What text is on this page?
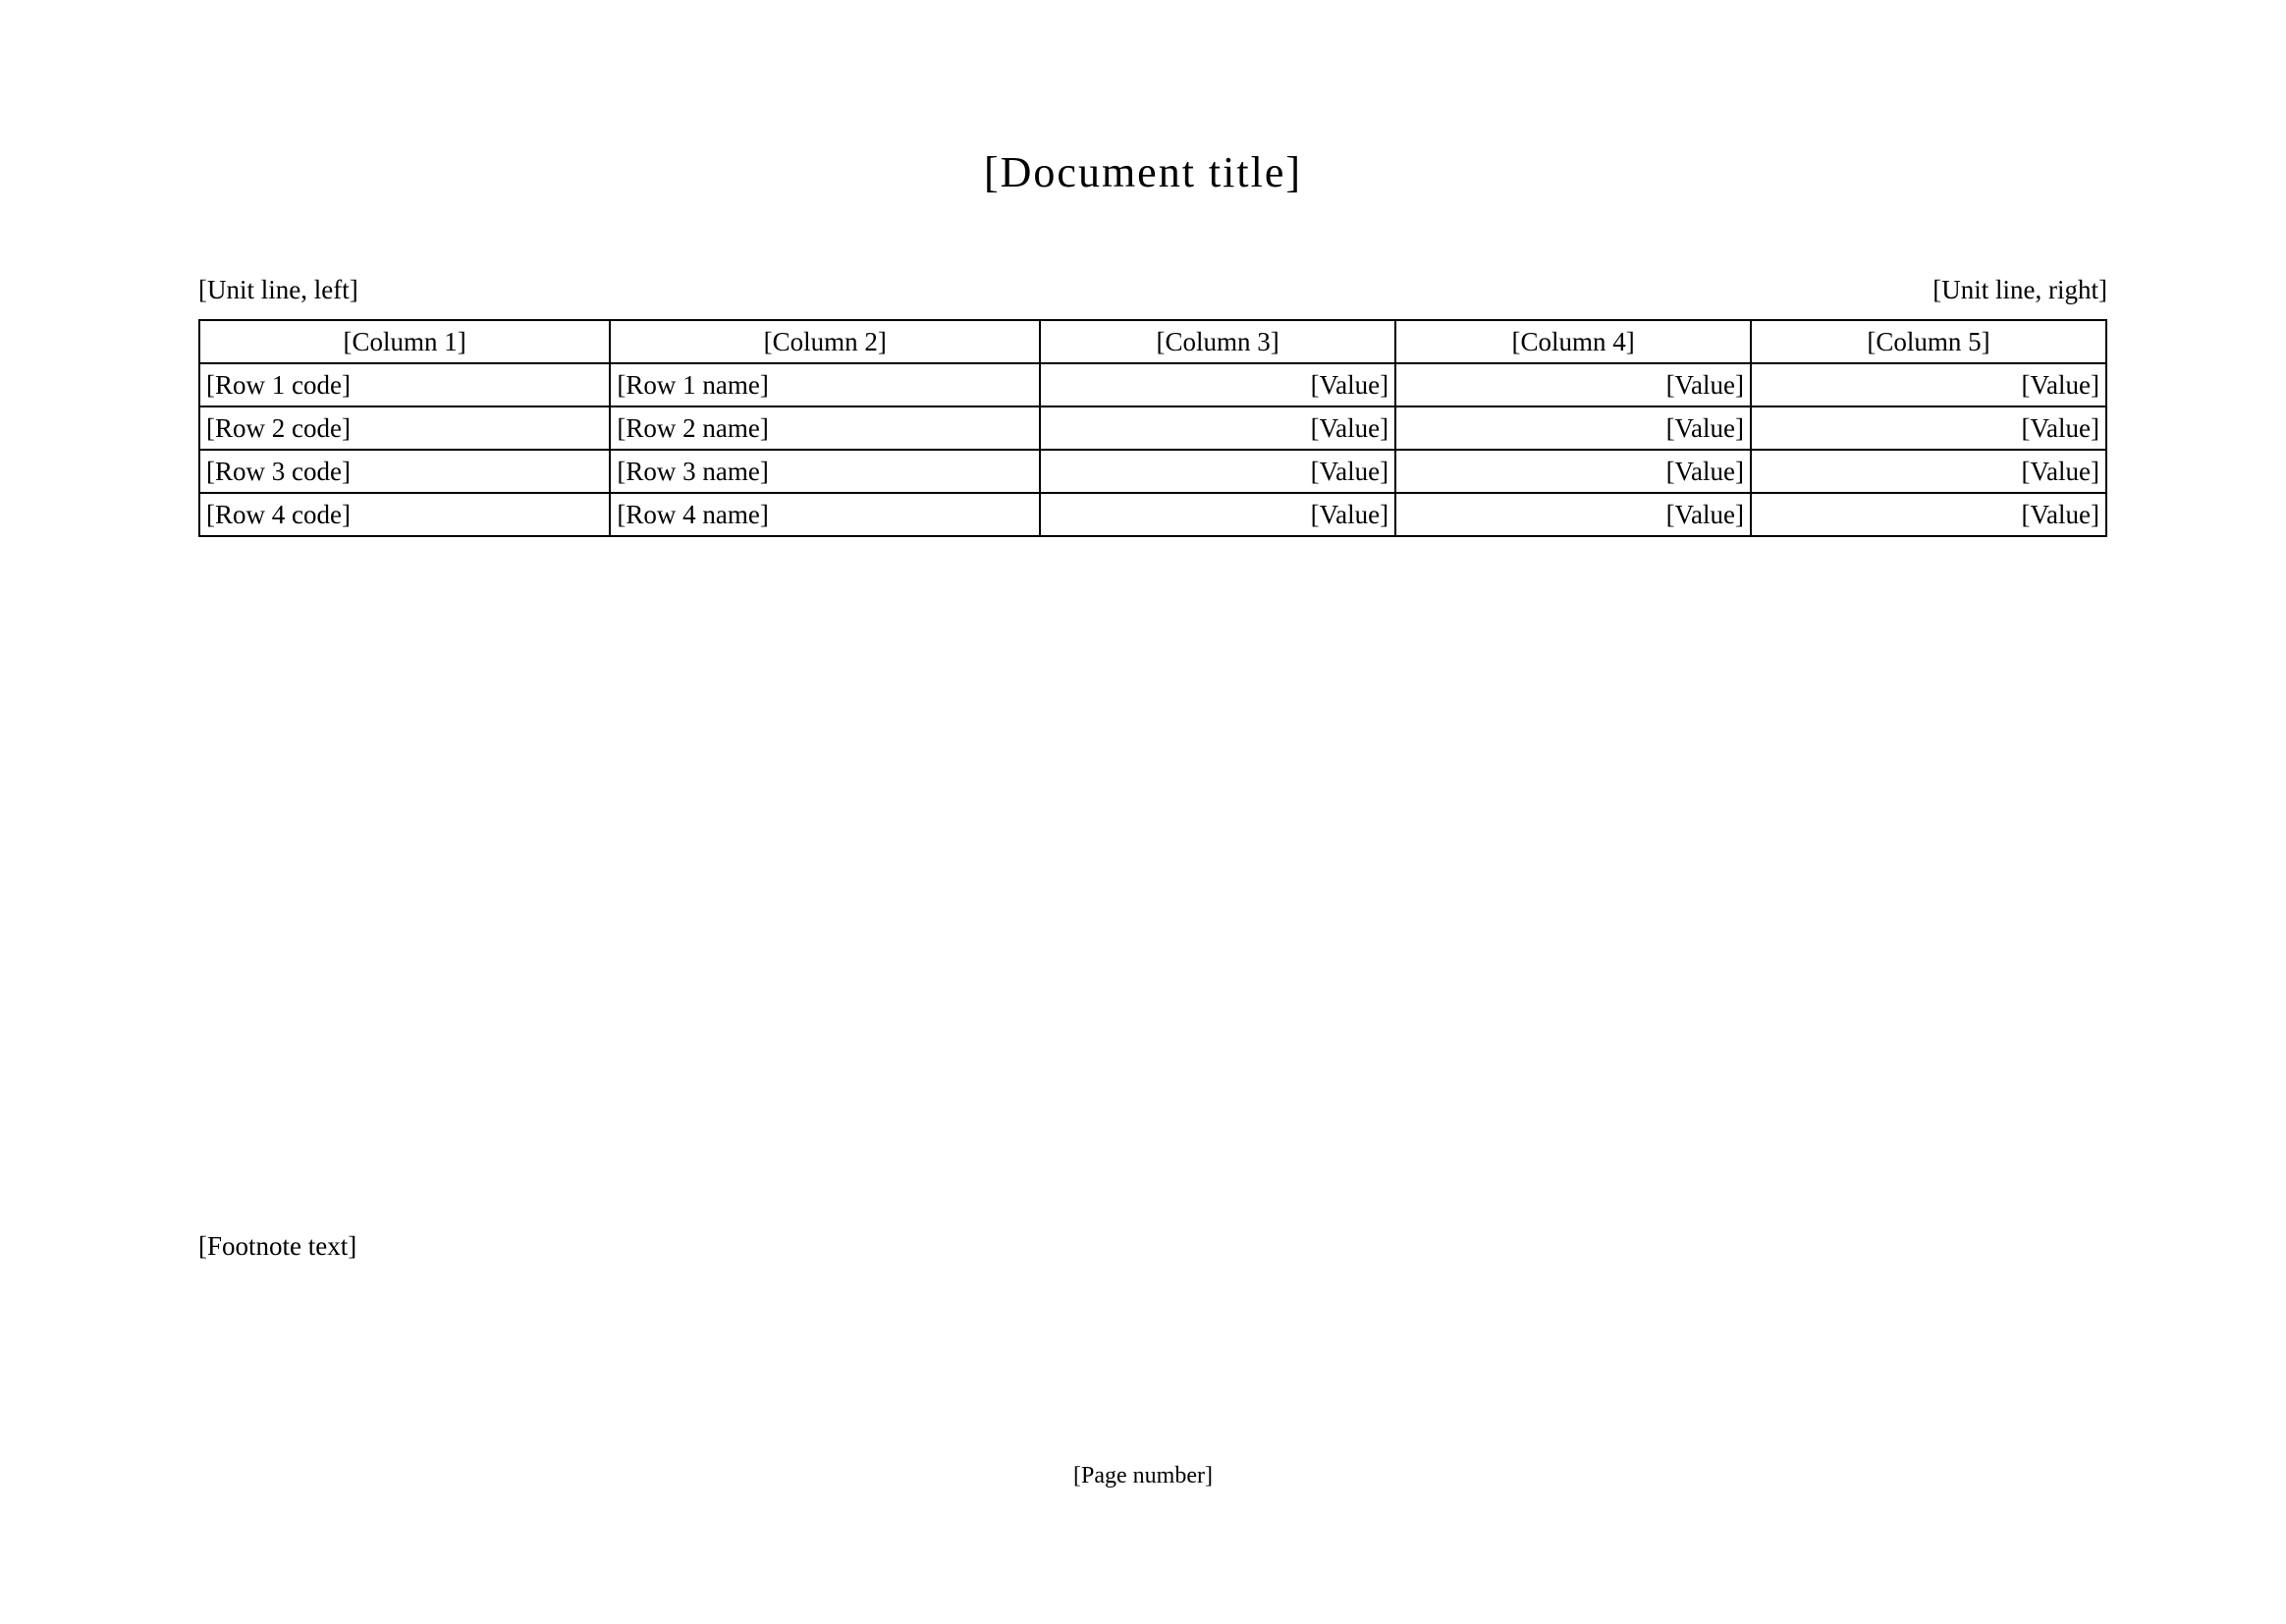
[Document title]
[Unit line, left]	[Unit line, right]
[Column 1]	[Column 2]	[Column 3]	[Column 4]	[Column 5]
[Row 1 code]	[Row 1 name]	[Value]	[Value]	[Value]
[Row 2 code]	[Row 2 name]	[Value]	[Value]	[Value]
[Row 3 code]	[Row 3 name]	[Value]	[Value]	[Value]
[Row 4 code]	[Row 4 name]	[Value]	[Value]	[Value]
[Footnote text]
[Page number]
